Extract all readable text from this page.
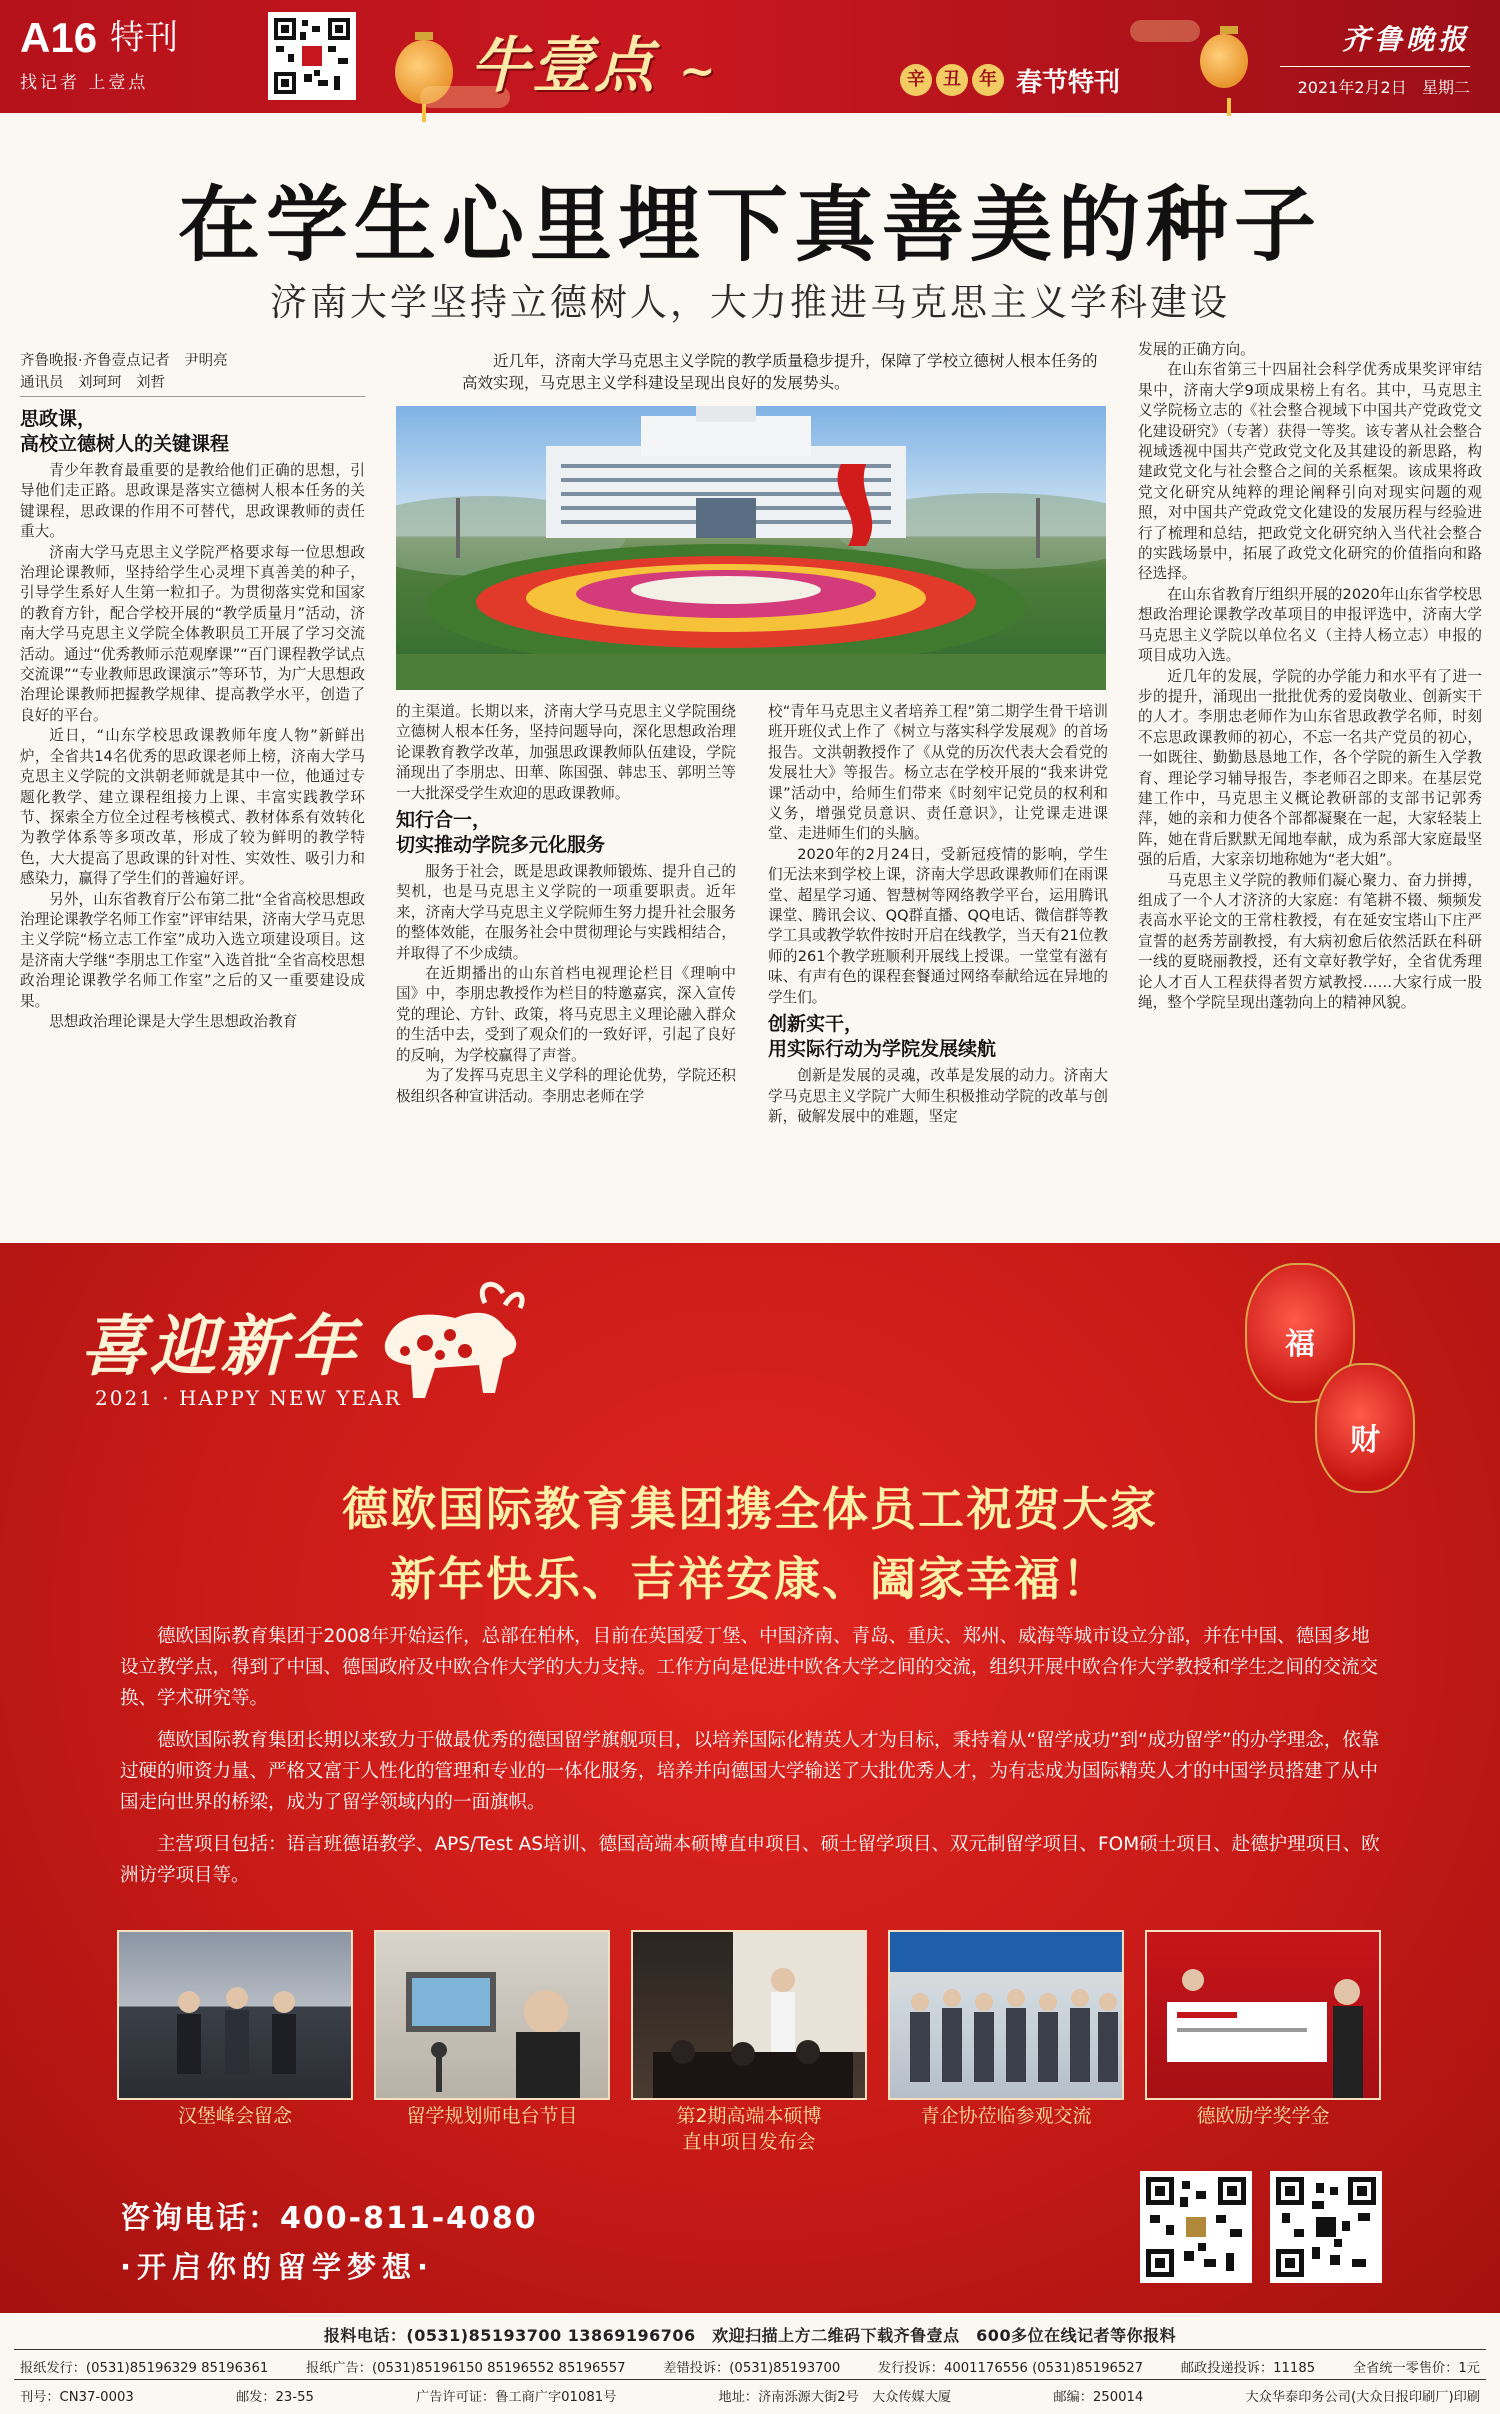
A16 特刊
找记者 上壹点	牛壹点 ~	辛 丑 年 春节特刊
齐鲁晚报
2021年2月2日 星期二
在学生心里埋下真善美的种子
济南大学坚持立德树人，大力推进马克思主义学科建设
齐鲁晚报·齐鲁壹点记者　尹明亮
通讯员　刘珂珂　刘哲
思政课，
高校立德树人的关键课程

青少年教育最重要的是教给他们正确的思想，引导他们走正路。思政课是落实立德树人根本任务的关键课程，思政课的作用不可替代，思政课教师的责任重大。

济南大学马克思主义学院严格要求每一位思想政治理论课教师，坚持给学生心灵埋下真善美的种子，引导学生系好人生第一粒扣子。为贯彻落实党和国家的教育方针，配合学校开展的“教学质量月”活动，济南大学马克思主义学院全体教职员工开展了学习交流活动。通过“优秀教师示范观摩课”“百门课程教学试点交流课”“专业教师思政课演示”等环节，为广大思想政治理论课教师把握教学规律、提高教学水平，创造了良好的平台。

近日，“山东学校思政课教师年度人物”新鲜出炉，全省共14名优秀的思政课老师上榜，济南大学马克思主义学院的文洪朝老师就是其中一位，他通过专题化教学、建立课程组接力上课、丰富实践教学环节、探索全方位全过程考核模式、教材体系有效转化为教学体系等多项改革，形成了较为鲜明的教学特色，大大提高了思政课的针对性、实效性、吸引力和感染力，赢得了学生们的普遍好评。

另外，山东省教育厅公布第二批“全省高校思想政治理论课教学名师工作室”评审结果，济南大学马克思主义学院“杨立志工作室”成功入选立项建设项目。这是济南大学继“李朋忠工作室”入选首批“全省高校思想政治理论课教学名师工作室”之后的又一重要建设成果。

思想政治理论课是大学生思想政治教育

近几年，济南大学马克思主义学院的教学质量稳步提升，保障了学校立德树人根本任务的高效实现，马克思主义学科建设呈现出良好的发展势头。

的主渠道。长期以来，济南大学马克思主义学院围绕立德树人根本任务，坚持问题导向，深化思想政治理论课教育教学改革，加强思政课教师队伍建设，学院涌现出了李朋忠、田華、陈国强、韩忠玉、郭明兰等一大批深受学生欢迎的思政课教师。

知行合一，
切实推动学院多元化服务

服务于社会，既是思政课教师锻炼、提升自己的契机，也是马克思主义学院的一项重要职责。近年来，济南大学马克思主义学院师生努力提升社会服务的整体效能，在服务社会中贯彻理论与实践相结合，并取得了不少成绩。

在近期播出的山东首档电视理论栏目《理响中国》中，李朋忠教授作为栏目的特邀嘉宾，深入宣传党的理论、方针、政策，将马克思主义理论融入群众的生活中去，受到了观众们的一致好评，引起了良好的反响，为学校赢得了声誉。

为了发挥马克思主义学科的理论优势，学院还积极组织各种宣讲活动。李朋忠老师在学

校“青年马克思主义者培养工程”第二期学生骨干培训班开班仪式上作了《树立与落实科学发展观》的首场报告。文洪朝教授作了《从党的历次代表大会看党的发展壮大》等报告。杨立志在学校开展的“我来讲党课”活动中，给师生们带来《时刻牢记党员的权利和义务，增强党员意识、责任意识》，让党课走进课堂、走进师生们的头脑。

2020年的2月24日，受新冠疫情的影响，学生们无法来到学校上课，济南大学思政课教师们在雨课堂、超星学习通、智慧树等网络教学平台，运用腾讯课堂、腾讯会议、QQ群直播、QQ电话、微信群等教学工具或教学软件按时开启在线教学，当天有21位教师的261个教学班顺利开展线上授课。一堂堂有滋有味、有声有色的课程套餐通过网络奉献给远在异地的学生们。

创新实干，
用实际行动为学院发展续航

创新是发展的灵魂，改革是发展的动力。济南大学马克思主义学院广大师生积极推动学院的改革与创新，破解发展中的难题，坚定

发展的正确方向。

在山东省第三十四届社会科学优秀成果奖评审结果中，济南大学9项成果榜上有名。其中，马克思主义学院杨立志的《社会整合视域下中国共产党政党文化建设研究》（专著）获得一等奖。该专著从社会整合视域透视中国共产党政党文化及其建设的新思路，构建政党文化与社会整合之间的关系框架。该成果将政党文化研究从纯粹的理论阐释引向对现实问题的观照，对中国共产党政党文化建设的发展历程与经验进行了梳理和总结，把政党文化研究纳入当代社会整合的实践场景中，拓展了政党文化研究的价值指向和路径选择。

在山东省教育厅组织开展的2020年山东省学校思想政治理论课教学改革项目的申报评选中，济南大学马克思主义学院以单位名义（主持人杨立志）申报的项目成功入选。

近几年的发展，学院的办学能力和水平有了进一步的提升，涌现出一批批优秀的爱岗敬业、创新实干的人才。李朋忠老师作为山东省思政教学名师，时刻不忘思政课教师的初心，不忘一名共产党员的初心，一如既往、勤勤恳恳地工作，各个学院的新生入学教育、理论学习辅导报告，李老师召之即来。在基层党建工作中，马克思主义概论教研部的支部书记郭秀萍，她的亲和力使各个部都凝聚在一起，大家轻装上阵，她在背后默默无闻地奉献，成为系部大家庭最坚强的后盾，大家亲切地称她为“老大姐”。

马克思主义学院的教师们凝心聚力、奋力拼搏，组成了一个人才济济的大家庭：有笔耕不辍、频频发表高水平论文的王常柱教授，有在延安宝塔山下庄严宣誓的赵秀芳副教授，有大病初愈后依然活跃在科研一线的夏晓丽教授，还有文章好教学好，全省优秀理论人才百人工程获得者贺方斌教授……大家行成一股绳，整个学院呈现出蓬勃向上的精神风貌。

喜迎新年
2021 · HAPPY NEW YEAR
福
财
德欧国际教育集团携全体员工祝贺大家
新年快乐、吉祥安康、阖家幸福！
德欧国际教育集团于2008年开始运作，总部在柏林，目前在英国爱丁堡、中国济南、青岛、重庆、郑州、威海等城市设立分部，并在中国、德国多地设立教学点，得到了中国、德国政府及中欧合作大学的大力支持。工作方向是促进中欧各大学之间的交流，组织开展中欧合作大学教授和学生之间的交流交换、学术研究等。
德欧国际教育集团长期以来致力于做最优秀的德国留学旗舰项目，以培养国际化精英人才为目标，秉持着从“留学成功”到“成功留学”的办学理念，依靠过硬的师资力量、严格又富于人性化的管理和专业的一体化服务，培养并向德国大学输送了大批优秀人才，为有志成为国际精英人才的中国学员搭建了从中国走向世界的桥梁，成为了留学领域内的一面旗帜。
主营项目包括：语言班德语教学、APS/Test AS培训、德国高端本硕博直申项目、硕士留学项目、双元制留学项目、FOM硕士项目、赴德护理项目、欧洲访学项目等。
汉堡峰会留念	留学规划师电台节目	第2期高端本硕博
直申项目发布会
青企协莅临参观交流	德欧励学奖学金
咨询电话：400-811-4080
·开启你的留学梦想·
报料电话：(0531)85193700 13869196706　欢迎扫描上方二维码下载齐鲁壹点　600多位在线记者等你报料
报纸发行：(0531)85196329 85196361	报纸广告：(0531)85196150 85196552 85196557	差错投诉：(0531)85193700	发行投诉：4001176556 (0531)85196527	邮政投递投诉：11185	全省统一零售价：1元
刊号：CN37-0003	邮发：23-55	广告许可证：鲁工商广字01081号	地址：济南泺源大街2号　大众传媒大厦	邮编：250014	大众华泰印务公司(大众日报印刷厂)印刷
